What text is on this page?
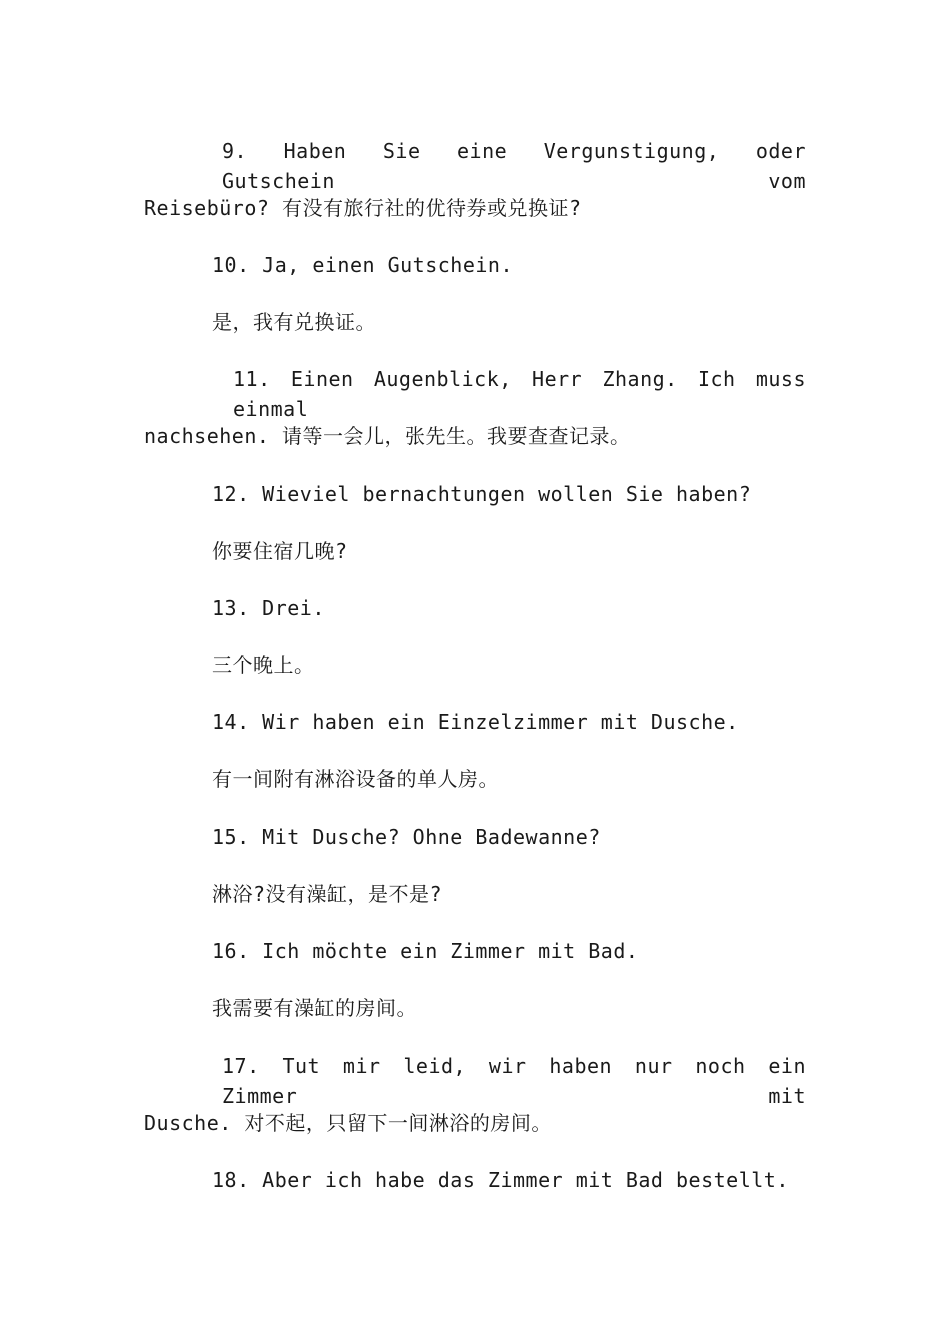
9. Haben Sie eine Vergunstigung, oder Gutschein vom
Reisebüro? 有没有旅行社的优待券或兑换证?
10. Ja, einen Gutschein.
是，我有兑换证。
11. Einen Augenblick, Herr Zhang. Ich muss einmal
nachsehen. 请等一会儿，张先生。我要查查记录。
12. Wieviel bernachtungen wollen Sie haben?
你要住宿几晚?
13. Drei.
三个晚上。
14. Wir haben ein Einzelzimmer mit Dusche.
有一间附有淋浴设备的单人房。
15. Mit Dusche? Ohne Badewanne?
淋浴?没有澡缸，是不是?
16. Ich möchte ein Zimmer mit Bad.
我需要有澡缸的房间。
17. Tut mir leid, wir haben nur noch ein Zimmer mit
Dusche. 对不起，只留下一间淋浴的房间。
18. Aber ich habe das Zimmer mit Bad bestellt.
